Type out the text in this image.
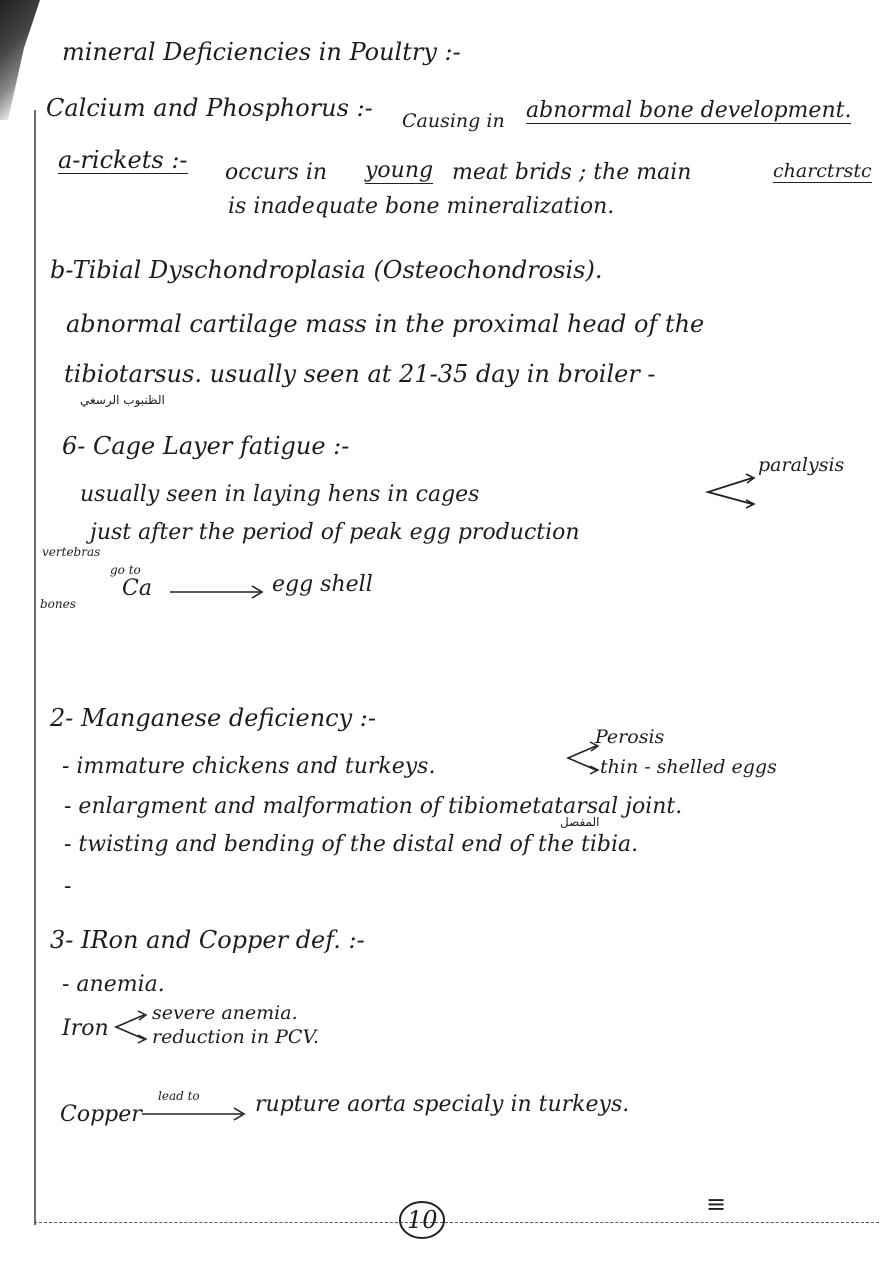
mineral Deficiencies in Poultry :-
Calcium and Phosphorus :- Causing in abnormal bone development.
a-rickets :- occurs in young meat brids ; the main	charctrstc
is inadequate bone mineralization.
b-Tibial Dyschondroplasia (Osteochondrosis).
abnormal cartilage mass in the proximal head of the
tibiotarsus. usually seen at 21-35 day in broiler -
الظنبوب الرسغي
6- Cage Layer fatigue :-
usually seen in laying hens in cages
paralysis
just after the period of peak egg production
vertebras
go to
Ca	egg shell
bones
2- Manganese deficiency :-
- immature chickens and turkeys.
Perosis
thin - shelled eggs
- enlargment and malformation of tibiometatarsal joint.
المفصل
- twisting and bending of the distal end of the tibia.
-
3- IRon and Copper def. :-
- anemia.
Iron
severe anemia.
reduction in PCV.
Copper
lead to	rupture aorta specialy in turkeys.
10
≡
